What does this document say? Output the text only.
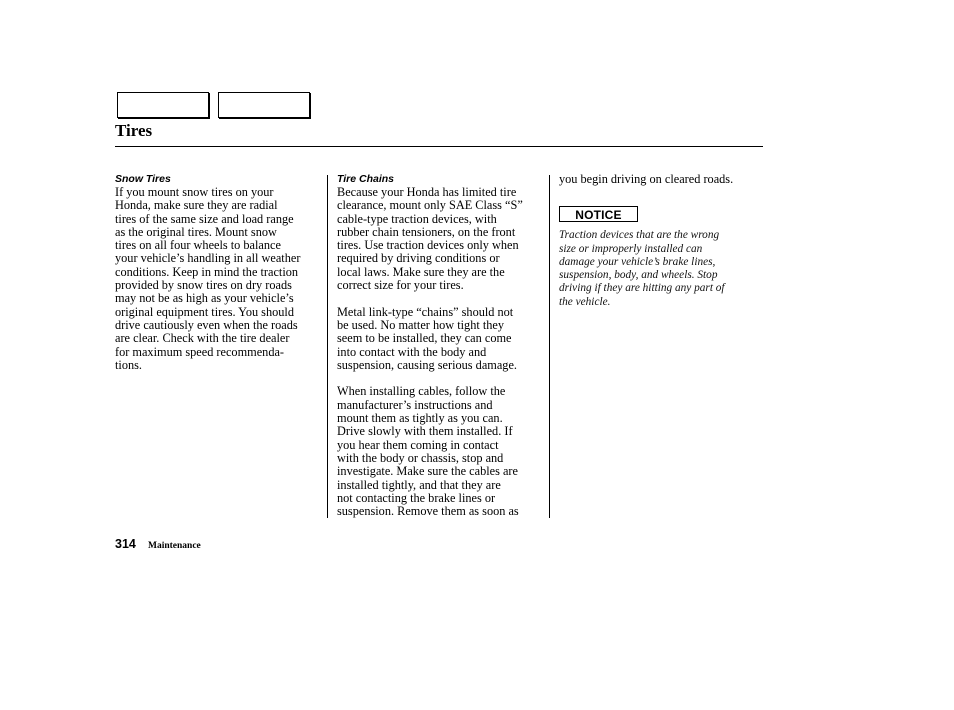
Tires
Snow Tires

If you mount snow tires on your
Honda, make sure they are radial
tires of the same size and load range
as the original tires. Mount snow
tires on all four wheels to balance
your vehicle’s handling in all weather
conditions. Keep in mind the traction
provided by snow tires on dry roads
may not be as high as your vehicle’s
original equipment tires. You should
drive cautiously even when the roads
are clear. Check with the tire dealer
for maximum speed recommenda-
tions.

Tire Chains

Because your Honda has limited tire
clearance, mount only SAE Class “S”
cable-type traction devices, with
rubber chain tensioners, on the front
tires. Use traction devices only when
required by driving conditions or
local laws. Make sure they are the
correct size for your tires.

Metal link-type “chains” should not
be used. No matter how tight they
seem to be installed, they can come
into contact with the body and
suspension, causing serious damage.

When installing cables, follow the
manufacturer’s instructions and
mount them as tightly as you can.
Drive slowly with them installed. If
you hear them coming in contact
with the body or chassis, stop and
investigate. Make sure the cables are
installed tightly, and that they are
not contacting the brake lines or
suspension. Remove them as soon as

you begin driving on cleared roads.

NOTICE

Traction devices that are the wrong
size or improperly installed can
damage your vehicle’s brake lines,
suspension, body, and wheels. Stop
driving if they are hitting any part of
the vehicle.

314 Maintenance
